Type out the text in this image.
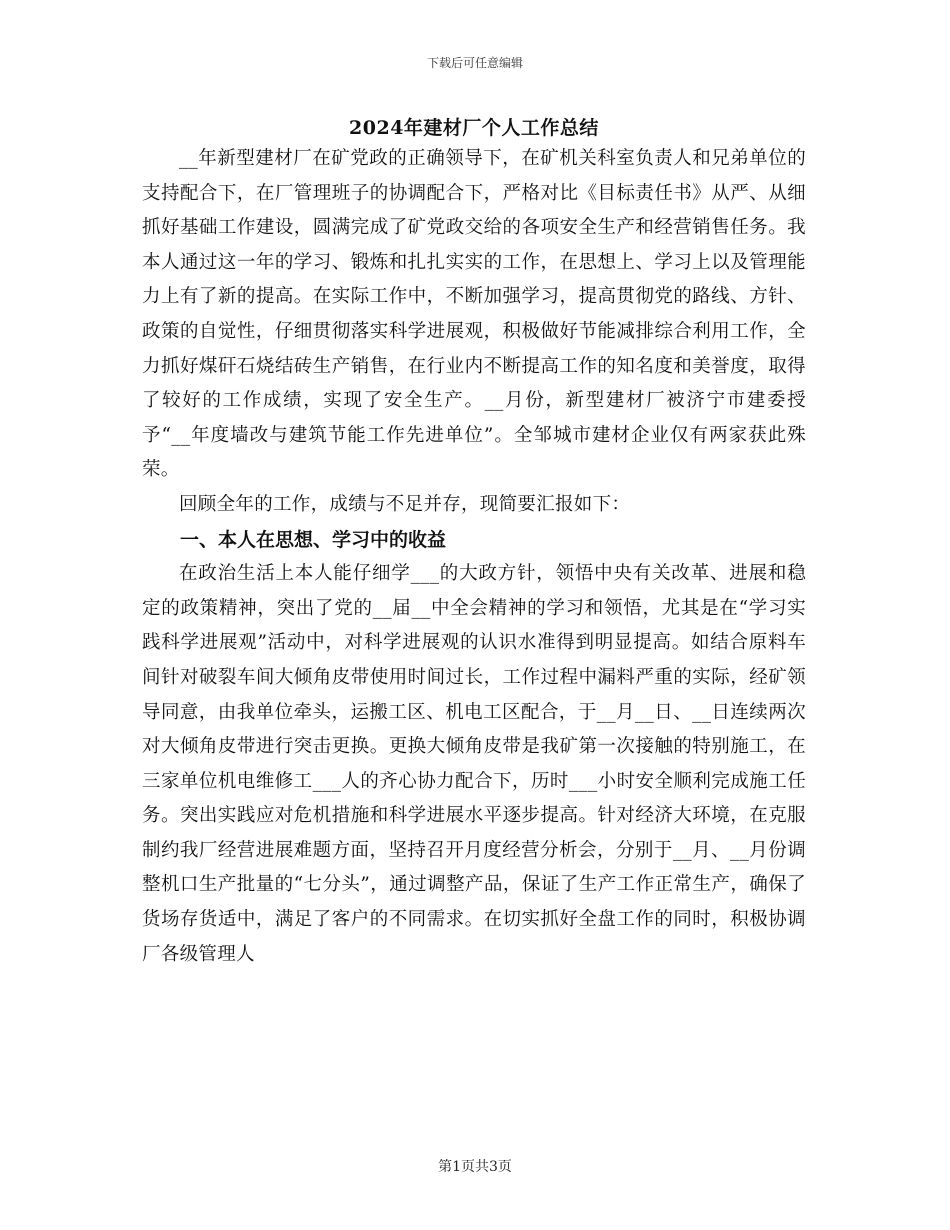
下载后可任意编辑
2024年建材厂个人工作总结

__年新型建材厂在矿党政的正确领导下，在矿机关科室负责人和兄弟单位的支持配合下，在厂管理班子的协调配合下，严格对比《目标责任书》从严、从细抓好基础工作建设，圆满完成了矿党政交给的各项安全生产和经营销售任务。我本人通过这一年的学习、锻炼和扎扎实实的工作，在思想上、学习上以及管理能力上有了新的提高。在实际工作中，不断加强学习，提高贯彻党的路线、方针、政策的自觉性，仔细贯彻落实科学进展观，积极做好节能减排综合利用工作，全力抓好煤矸石烧结砖生产销售，在行业内不断提高工作的知名度和美誉度，取得了较好的工作成绩，实现了安全生产。__月份，新型建材厂被济宁市建委授予“__年度墙改与建筑节能工作先进单位”。全邹城市建材企业仅有两家获此殊荣。

回顾全年的工作，成绩与不足并存，现简要汇报如下：

一、本人在思想、学习中的收益

在政治生活上本人能仔细学___的大政方针，领悟中央有关改革、进展和稳定的政策精神，突出了党的__届__中全会精神的学习和领悟，尤其是在“学习实践科学进展观”活动中，对科学进展观的认识水准得到明显提高。如结合原料车间针对破裂车间大倾角皮带使用时间过长，工作过程中漏料严重的实际，经矿领导同意，由我单位牵头，运搬工区、机电工区配合，于__月__日、__日连续两次对大倾角皮带进行突击更换。更换大倾角皮带是我矿第一次接触的特别施工，在三家单位机电维修工___人的齐心协力配合下，历时___小时安全顺利完成施工任务。突出实践应对危机措施和科学进展水平逐步提高。针对经济大环境，在克服制约我厂经营进展难题方面，坚持召开月度经营分析会，分别于__月、__月份调整机口生产批量的“七分头”，通过调整产品，保证了生产工作正常生产，确保了货场存货适中，满足了客户的不同需求。在切实抓好全盘工作的同时，积极协调厂各级管理人

第1页共3页
